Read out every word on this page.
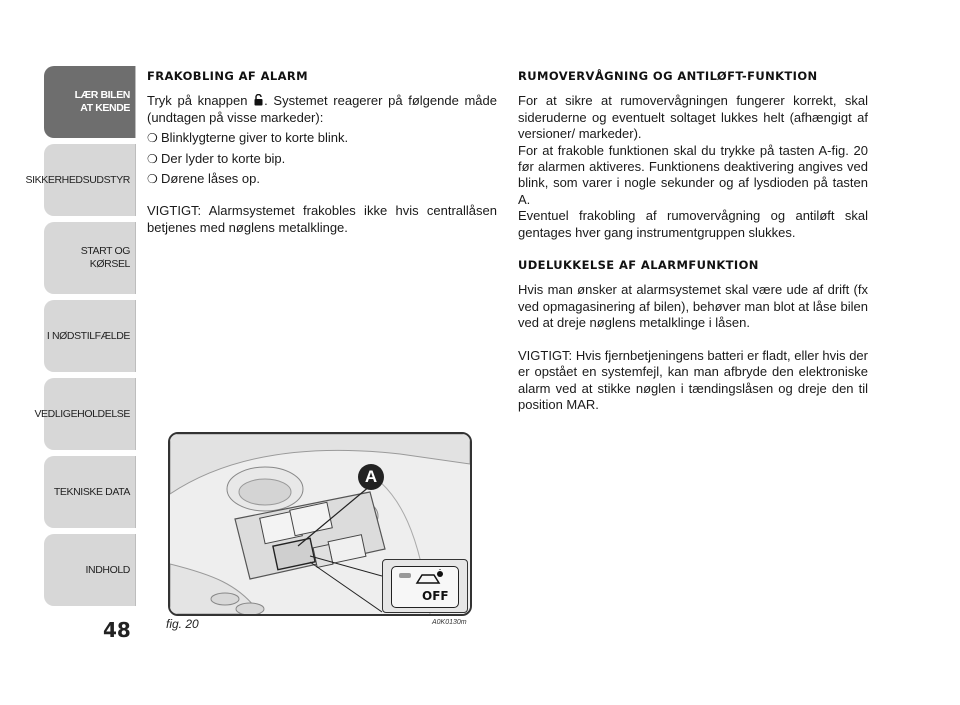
LÆR BILEN
AT KENDE
SIKKERHEDSUDSTYR
START OG KØRSEL
I NØDSTILFÆLDE
VEDLIGEHOLDELSE
TEKNISKE DATA
INDHOLD
48
FRAKOBLING AF ALARM

Tryk på knappen . Systemet reagerer på følgende måde (undtagen på visse markeder):

❍ Blinklygterne giver to korte blink.
❍ Der lyder to korte bip.
❍ Dørene låses op.

VIGTIGT: Alarmsystemet frakobles ikke hvis centrallåsen betjenes med nøglens metalklinge.

RUMOVERVÅGNING OG ANTILØFT-FUNKTION

For at sikre at rumovervågningen fungerer korrekt, skal sideruderne og eventuelt soltaget lukkes helt (afhængigt af versioner/ markeder).

For at frakoble funktionen skal du trykke på tasten A-fig. 20 før alarmen aktiveres. Funktionens deaktivering angives ved blink, som varer i nogle sekunder og af lysdioden på tasten A.

Eventuel frakobling af rumovervågning og antiløft skal gentages hver gang instrumentgruppen slukkes.

UDELUKKELSE AF ALARMFUNKTION

Hvis man ønsker at alarmsystemet skal være ude af drift (fx ved opmagasinering af bilen), behøver man blot at låse bilen ved at dreje nøglens metalklinge i låsen.

VIGTIGT: Hvis fjernbetjeningens batteri er fladt, eller hvis der er opstået en systemfejl, kan man afbryde den elektroniske alarm ved at stikke nøglen i tændingslåsen og dreje den til position MAR.

A
OFF
fig. 20	A0K0130m
